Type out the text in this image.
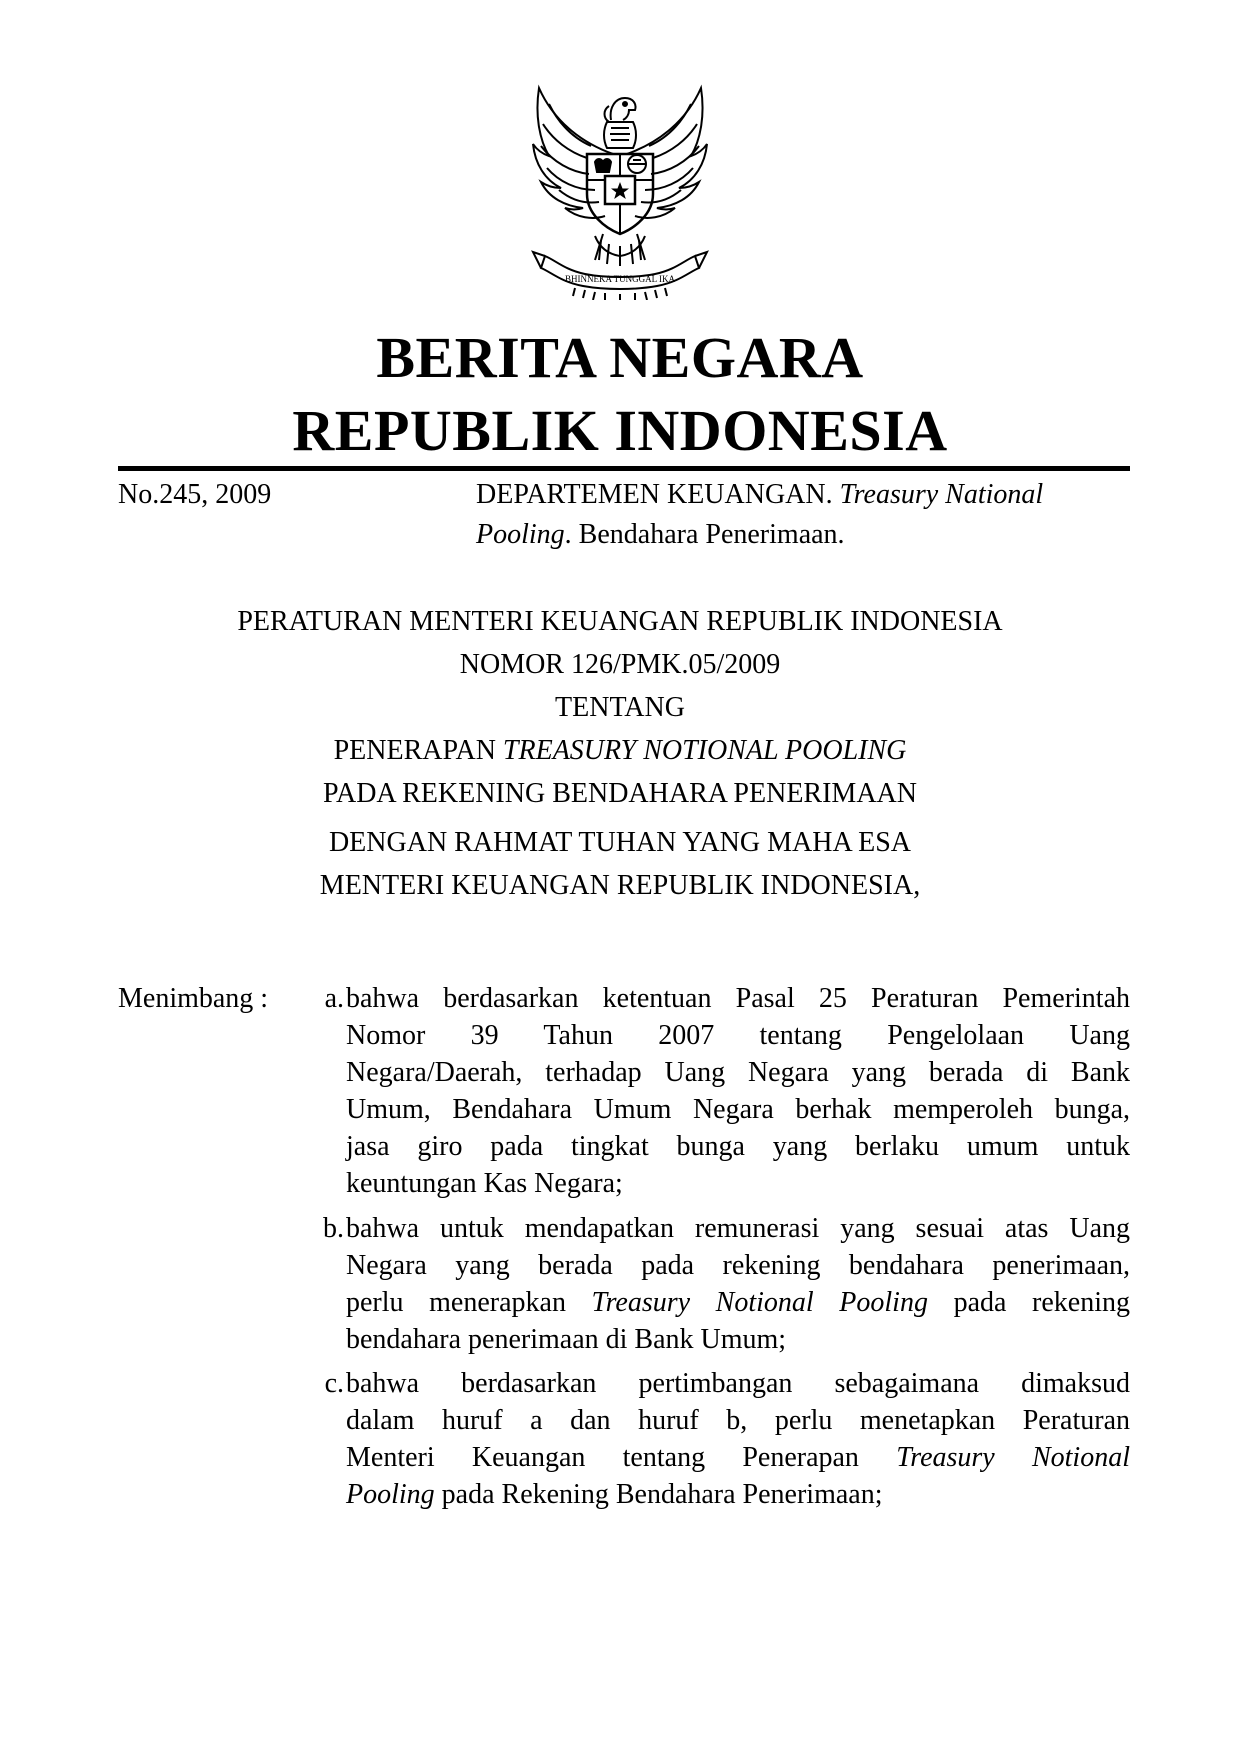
BHINNEKA TUNGGAL IKA
BERITA NEGARA
REPUBLIK INDONESIA
No.245, 2009	DEPARTEMEN KEUANGAN. Treasury National
Pooling. Bendahara Penerimaan.
PERATURAN MENTERI KEUANGAN REPUBLIK INDONESIA
NOMOR 126/PMK.05/2009
TENTANG
PENERAPAN TREASURY NOTIONAL POOLING
PADA REKENING BENDAHARA PENERIMAAN
DENGAN RAHMAT TUHAN YANG MAHA ESA
MENTERI KEUANGAN REPUBLIK INDONESIA,
Menimbang :	a. bahwa berdasarkan ketentuan Pasal 25 Peraturan Pemerintah
Nomor 39 Tahun 2007 tentang Pengelolaan Uang
Negara/Daerah, terhadap Uang Negara yang berada di Bank
Umum, Bendahara Umum Negara berhak memperoleh bunga,
jasa giro pada tingkat bunga yang berlaku umum untuk
keuntungan Kas Negara;
b. bahwa untuk mendapatkan remunerasi yang sesuai atas Uang
Negara yang berada pada rekening bendahara penerimaan,
perlu menerapkan Treasury Notional Pooling pada rekening
bendahara penerimaan di Bank Umum;
c. bahwa berdasarkan pertimbangan sebagaimana dimaksud
dalam huruf a dan huruf b, perlu menetapkan Peraturan
Menteri Keuangan tentang Penerapan Treasury Notional
Pooling pada Rekening Bendahara Penerimaan;
